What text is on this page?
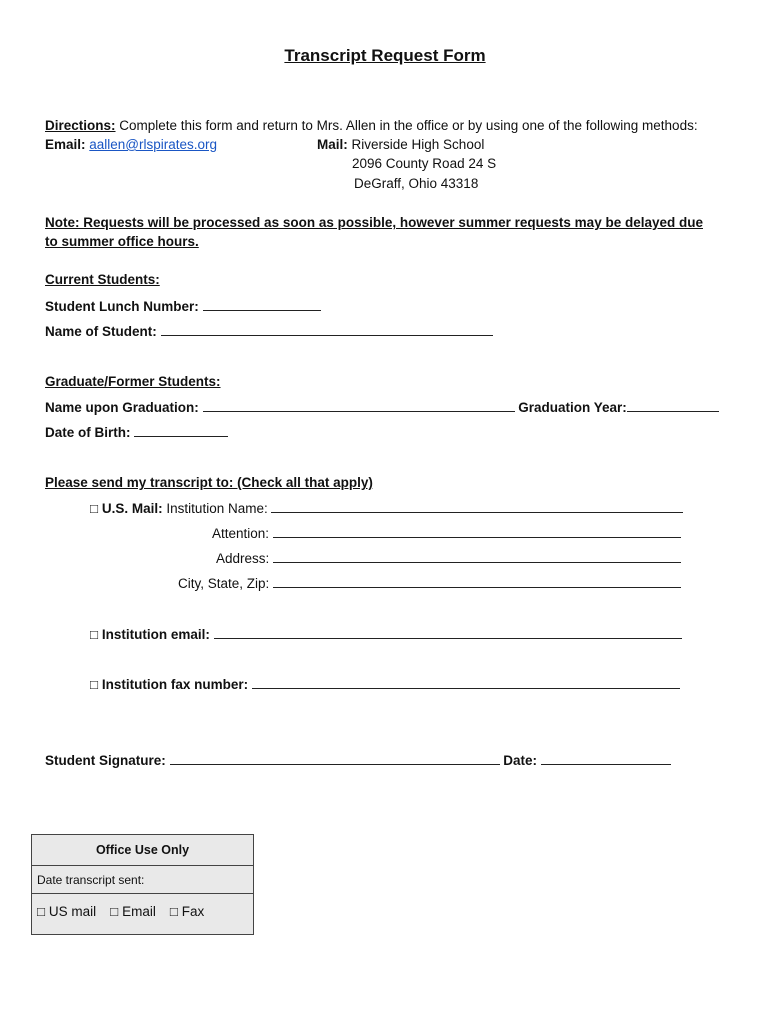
Transcript Request Form
Directions: Complete this form and return to Mrs. Allen in the office or by using one of the following methods:
Email: aallen@rlspirates.org	Mail: Riverside High School
2096 County Road 24 S
DeGraff, Ohio 43318
Note: Requests will be processed as soon as possible, however summer requests may be delayed due
to summer office hours.
Current Students:
Student Lunch Number:
Name of Student:
Graduate/Former Students:
Name upon Graduation:	Graduation Year:
Date of Birth:
Please send my transcript to: (Check all that apply)
□ U.S. Mail: Institution Name:
Attention:
Address:
City, State, Zip:
□ Institution email:
□ Institution fax number:
Student Signature:	Date:
Office Use Only
Date transcript sent:
□ US mail □ Email □ Fax
